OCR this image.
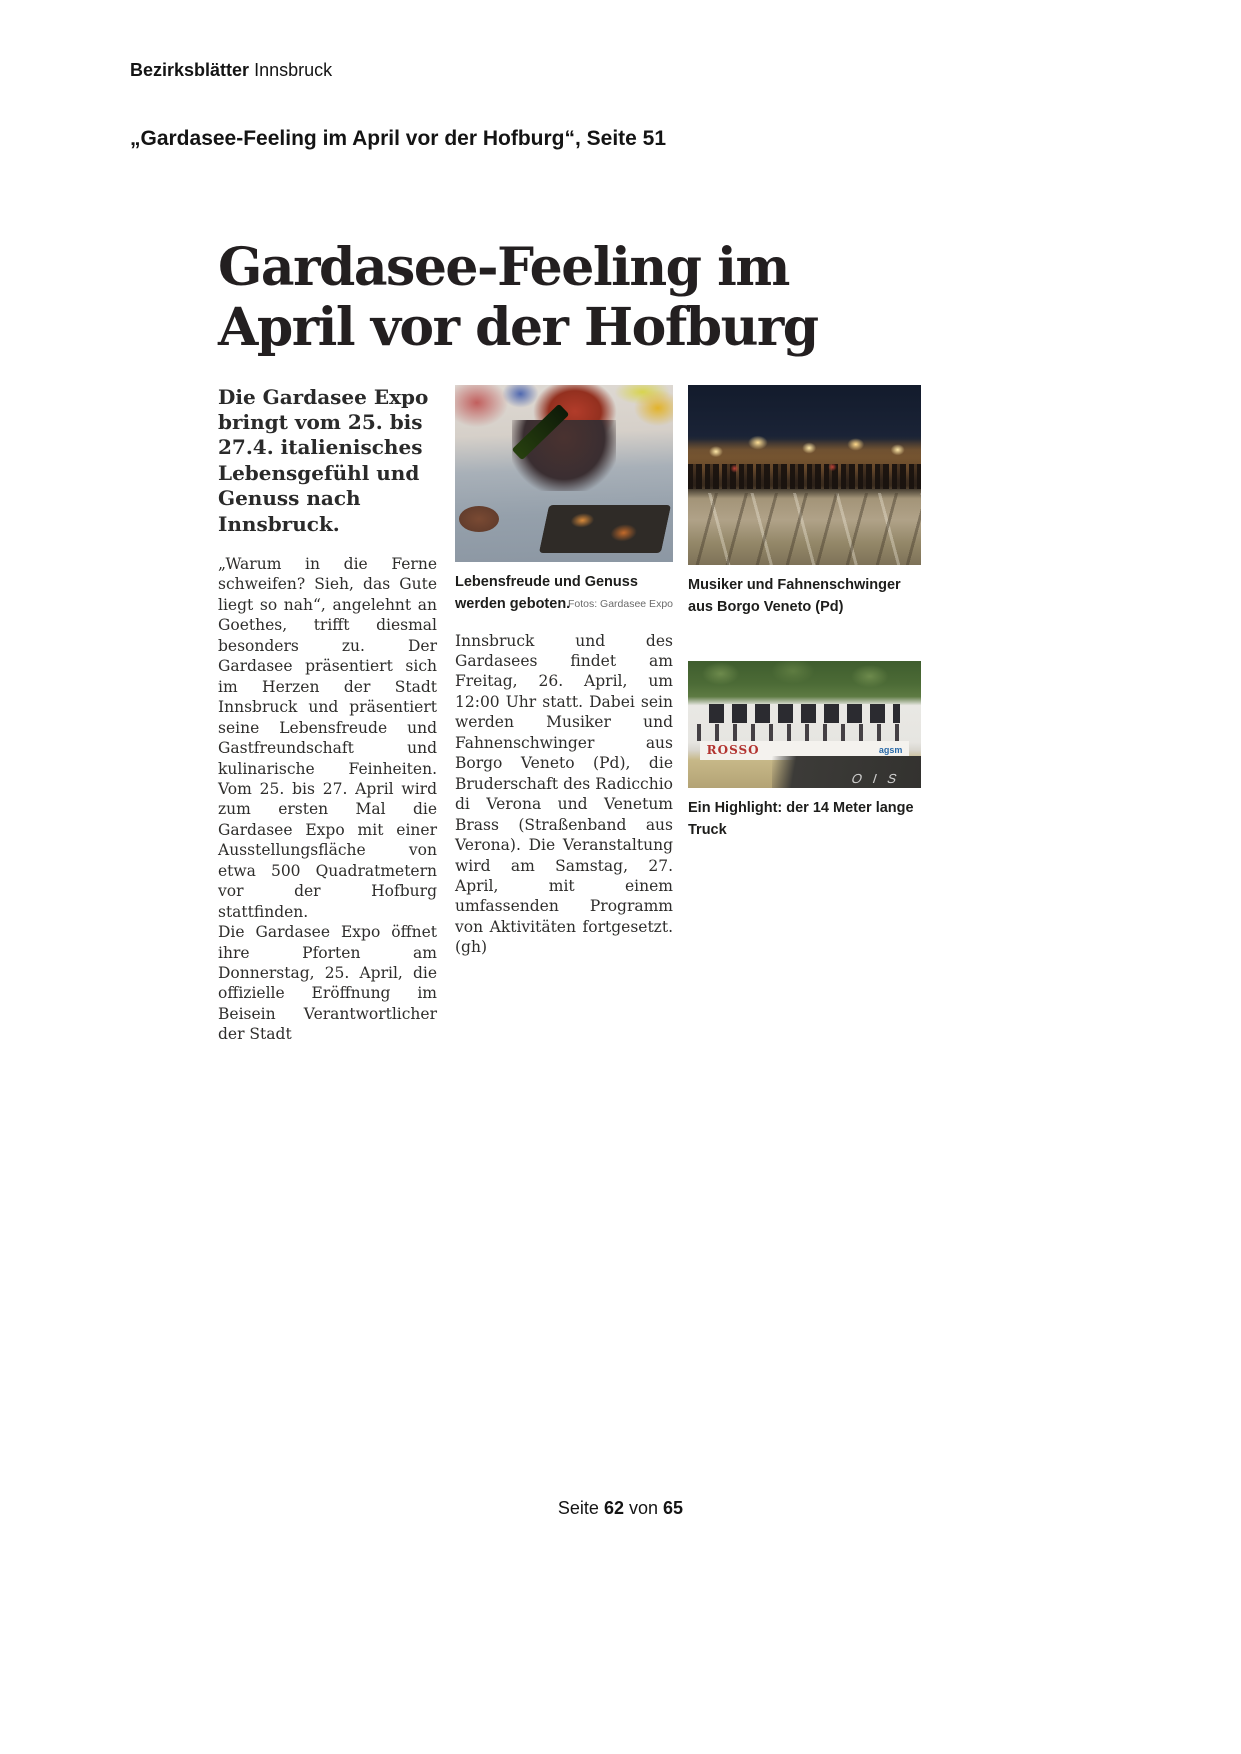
Bezirksblätter Innsbruck
„Gardasee-Feeling im April vor der Hofburg“, Seite 51
Gardasee-Feeling im April vor der Hofburg
Die Gardasee Expo bringt vom 25. bis 27.4. italienisches Lebensgefühl und Genuss nach Innsbruck.

„Warum in die Ferne schweifen? Sieh, das Gute liegt so nah“, angelehnt an Goethes, trifft diesmal besonders zu. Der Gardasee präsentiert sich im Herzen der Stadt Innsbruck und präsentiert seine Lebensfreude und Gastfreundschaft und kulinarische Feinheiten. Vom 25. bis 27. April wird zum ersten Mal die Gardasee Expo mit einer Ausstellungsfläche von etwa 500 Quadratmetern vor der Hofburg stattfinden.

Die Gardasee Expo öffnet ihre Pforten am Donnerstag, 25. April, die offizielle Eröffnung im Beisein Verantwortlicher der Stadt

Lebensfreude und Genuss werden geboten.
Fotos: Gardasee Expo

Innsbruck und des Gardasees findet am Freitag, 26. April, um 12:00 Uhr statt. Dabei sein werden Musiker und Fahnenschwinger aus Borgo Veneto (Pd), die Bruderschaft des Radicchio di Verona und Venetum Brass (Straßenband aus Verona). Die Veranstaltung wird am Samstag, 27. April, mit einem umfassenden Programm von Aktivitäten fortgesetzt. (gh)

Musiker und Fahnenschwinger aus Borgo Veneto (Pd)
ROSSO	agsm
OIS
Ein Highlight: der 14 Meter lange Truck
Seite 62 von 65
